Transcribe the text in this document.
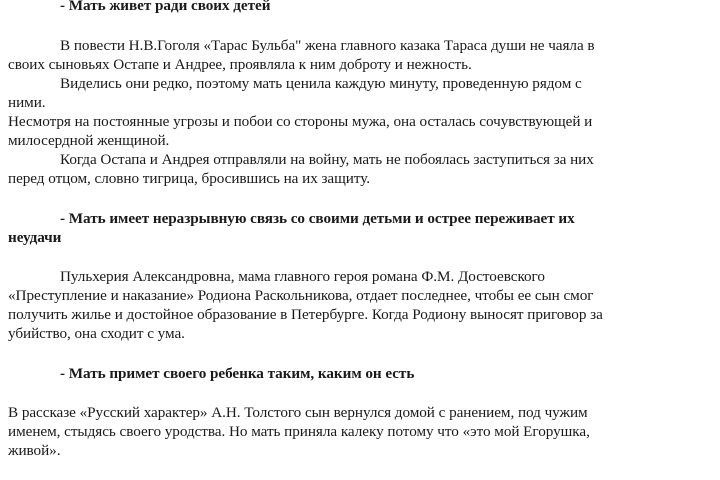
- Мать живет ради своих детей
В повести Н.В.Гоголя «Тарас Бульба" жена главного казака Тараса души не чаяла в
своих сыновьях Остапе и Андрее, проявляла к ним доброту и нежность.
Виделись они редко, поэтому мать ценила каждую минуту, проведенную рядом с
ними.
Несмотря на постоянные угрозы и побои со стороны мужа, она осталась сочувствующей и
милосердной женщиной.
Когда Остапа и Андрея отправляли на войну, мать не побоялась заступиться за них
перед отцом, словно тигрица, бросившись на их защиту.
- Мать имеет неразрывную связь со своими детьми и острее переживает их
неудачи
Пульхерия Александровна, мама главного героя романа Ф.М. Достоевского
«Преступление и наказание» Родиона Раскольникова, отдает последнее, чтобы ее сын смог
получить жилье и достойное образование в Петербурге. Когда Родиону выносят приговор за
убийство, она сходит с ума.
- Мать примет своего ребенка таким, каким он есть
В рассказе «Русский характер» А.Н. Толстого сын вернулся домой с ранением, под чужим
именем, стыдясь своего уродства. Но мать приняла калеку потому что «это мой Егорушка,
живой».
